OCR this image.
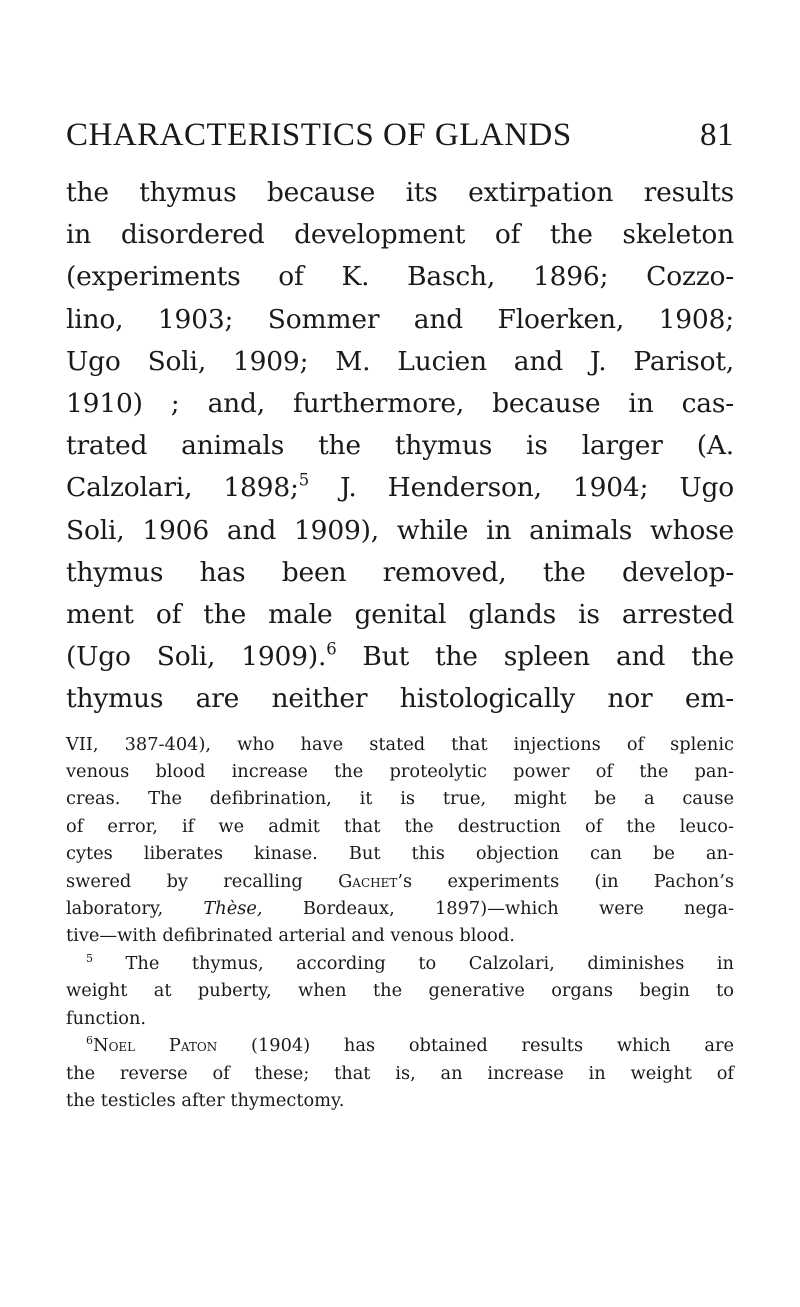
CHARACTERISTICS OF GLANDS	81
the thymus because its extirpation results
in disordered development of the skeleton
(experiments of K. Basch, 1896; Cozzo-
lino, 1903; Sommer and Floerken, 1908;
Ugo Soli, 1909; M. Lucien and J. Parisot,
1910) ; and, furthermore, because in cas-
trated animals the thymus is larger (A.
Calzolari, 1898;$^5$ J. Henderson, 1904; Ugo
Soli, 1906 and 1909), while in animals whose
thymus has been removed, the develop-
ment of the male genital glands is arrested
(Ugo Soli, 1909).$^6$ But the spleen and the
thymus are neither histologically nor em-
VII, 387-404), who have stated that injections of splenic
venous blood increase the proteolytic power of the pan-
creas. The defibrination, it is true, might be a cause
of error, if we admit that the destruction of the leuco-
cytes liberates kinase. But this objection can be an-
swered by recalling Gachet’s experiments (in Pachon’s
laboratory, Thèse, Bordeaux, 1897)—which were nega-
tive—with defibrinated arterial and venous blood.
$^5$ The thymus, according to Calzolari, diminishes in
weight at puberty, when the generative organs begin to
function.
$^6$Noel Paton (1904) has obtained results which are
the reverse of these; that is, an increase in weight of
the testicles after thymectomy.
